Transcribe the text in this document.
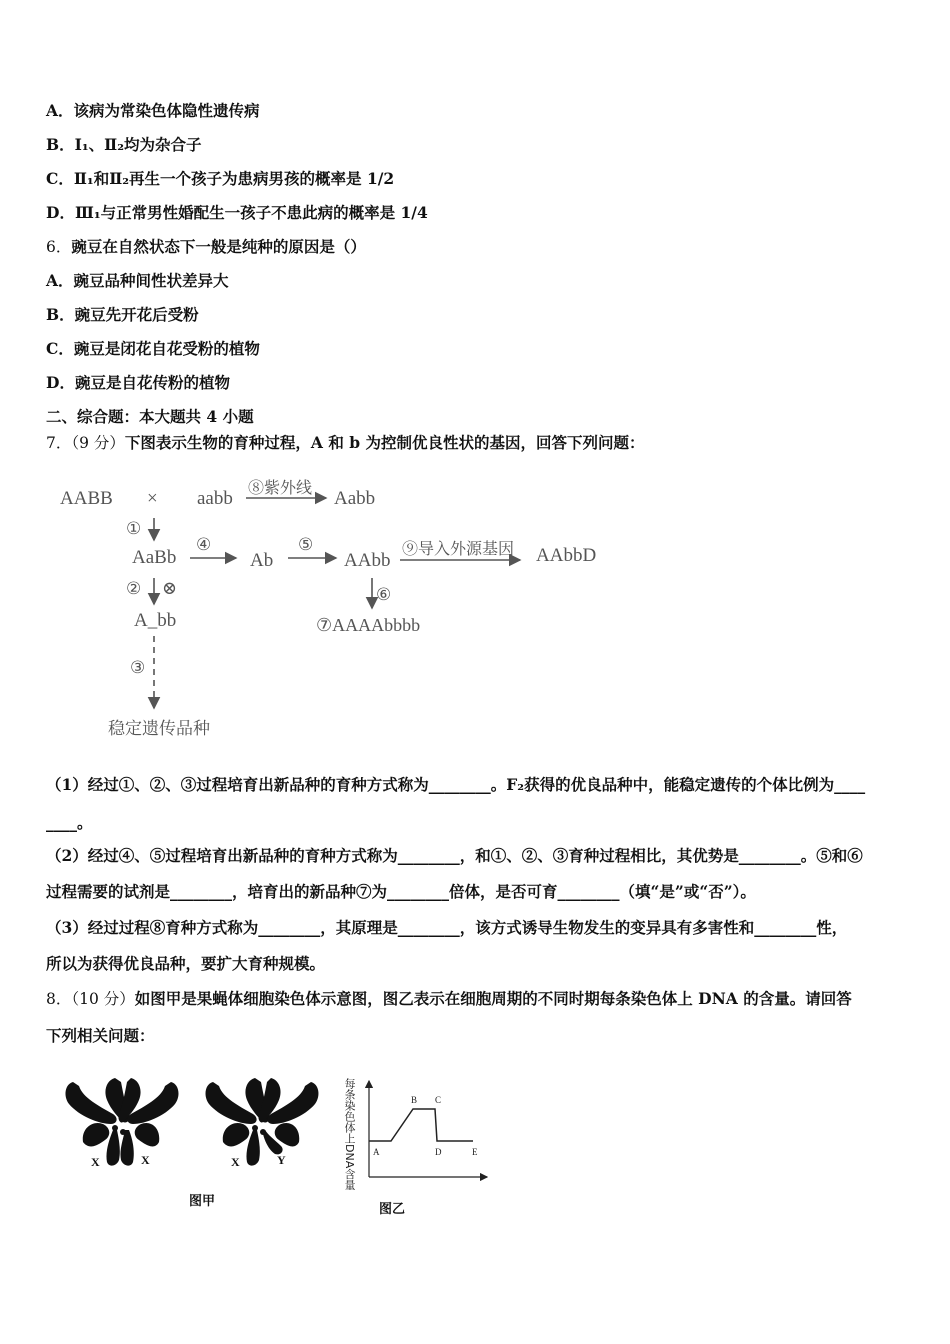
A．该病为常染色体隐性遗传病
B．Ⅰ₁、Ⅱ₂均为杂合子
C．Ⅱ₁和Ⅱ₂再生一个孩子为患病男孩的概率是 1/2
D．Ⅲ₁与正常男性婚配生一孩子不患此病的概率是 1/4
6．豌豆在自然状态下一般是纯种的原因是（）
A．豌豆品种间性状差异大
B．豌豆先开花后受粉
C．豌豆是闭花自花受粉的植物
D．豌豆是自花传粉的植物
二、综合题：本大题共 4 小题
7．（9 分）下图表示生物的育种过程，A 和 b 为控制优良性状的基因，回答下列问题：
AABB × aabb ⑧紫外线 Aabb
①
AaBb
④
Ab
⑤
AAbb
⑨导入外源基因 AAbbD
② ⊗	⑥
A_bb	⑦AAAAbbbb
③
稳定遗传品种
（1）经过①、②、③过程培育出新品种的育种方式称为________。F₂获得的优良品种中，能稳定遗传的个体比例为____
____。
（2）经过④、⑤过程培育出新品种的育种方式称为________，和①、②、③育种过程相比，其优势是________。⑤和⑥
过程需要的试剂是________，培育出的新品种⑦为________倍体，是否可育________（填“是”或“否”）。
（3）经过过程⑧育种方式称为________，其原理是________，该方式诱导生物发生的变异具有多害性和________性，
所以为获得优良品种，要扩大育种规模。
8．（10 分）如图甲是果蝇体细胞染色体示意图，图乙表示在细胞周期的不同时期每条染色体上 DNA 的含量。请回答
下列相关问题：
X	X	X	Y
图甲
每条染色体上DNA含量 A
B C
D	E
图乙
